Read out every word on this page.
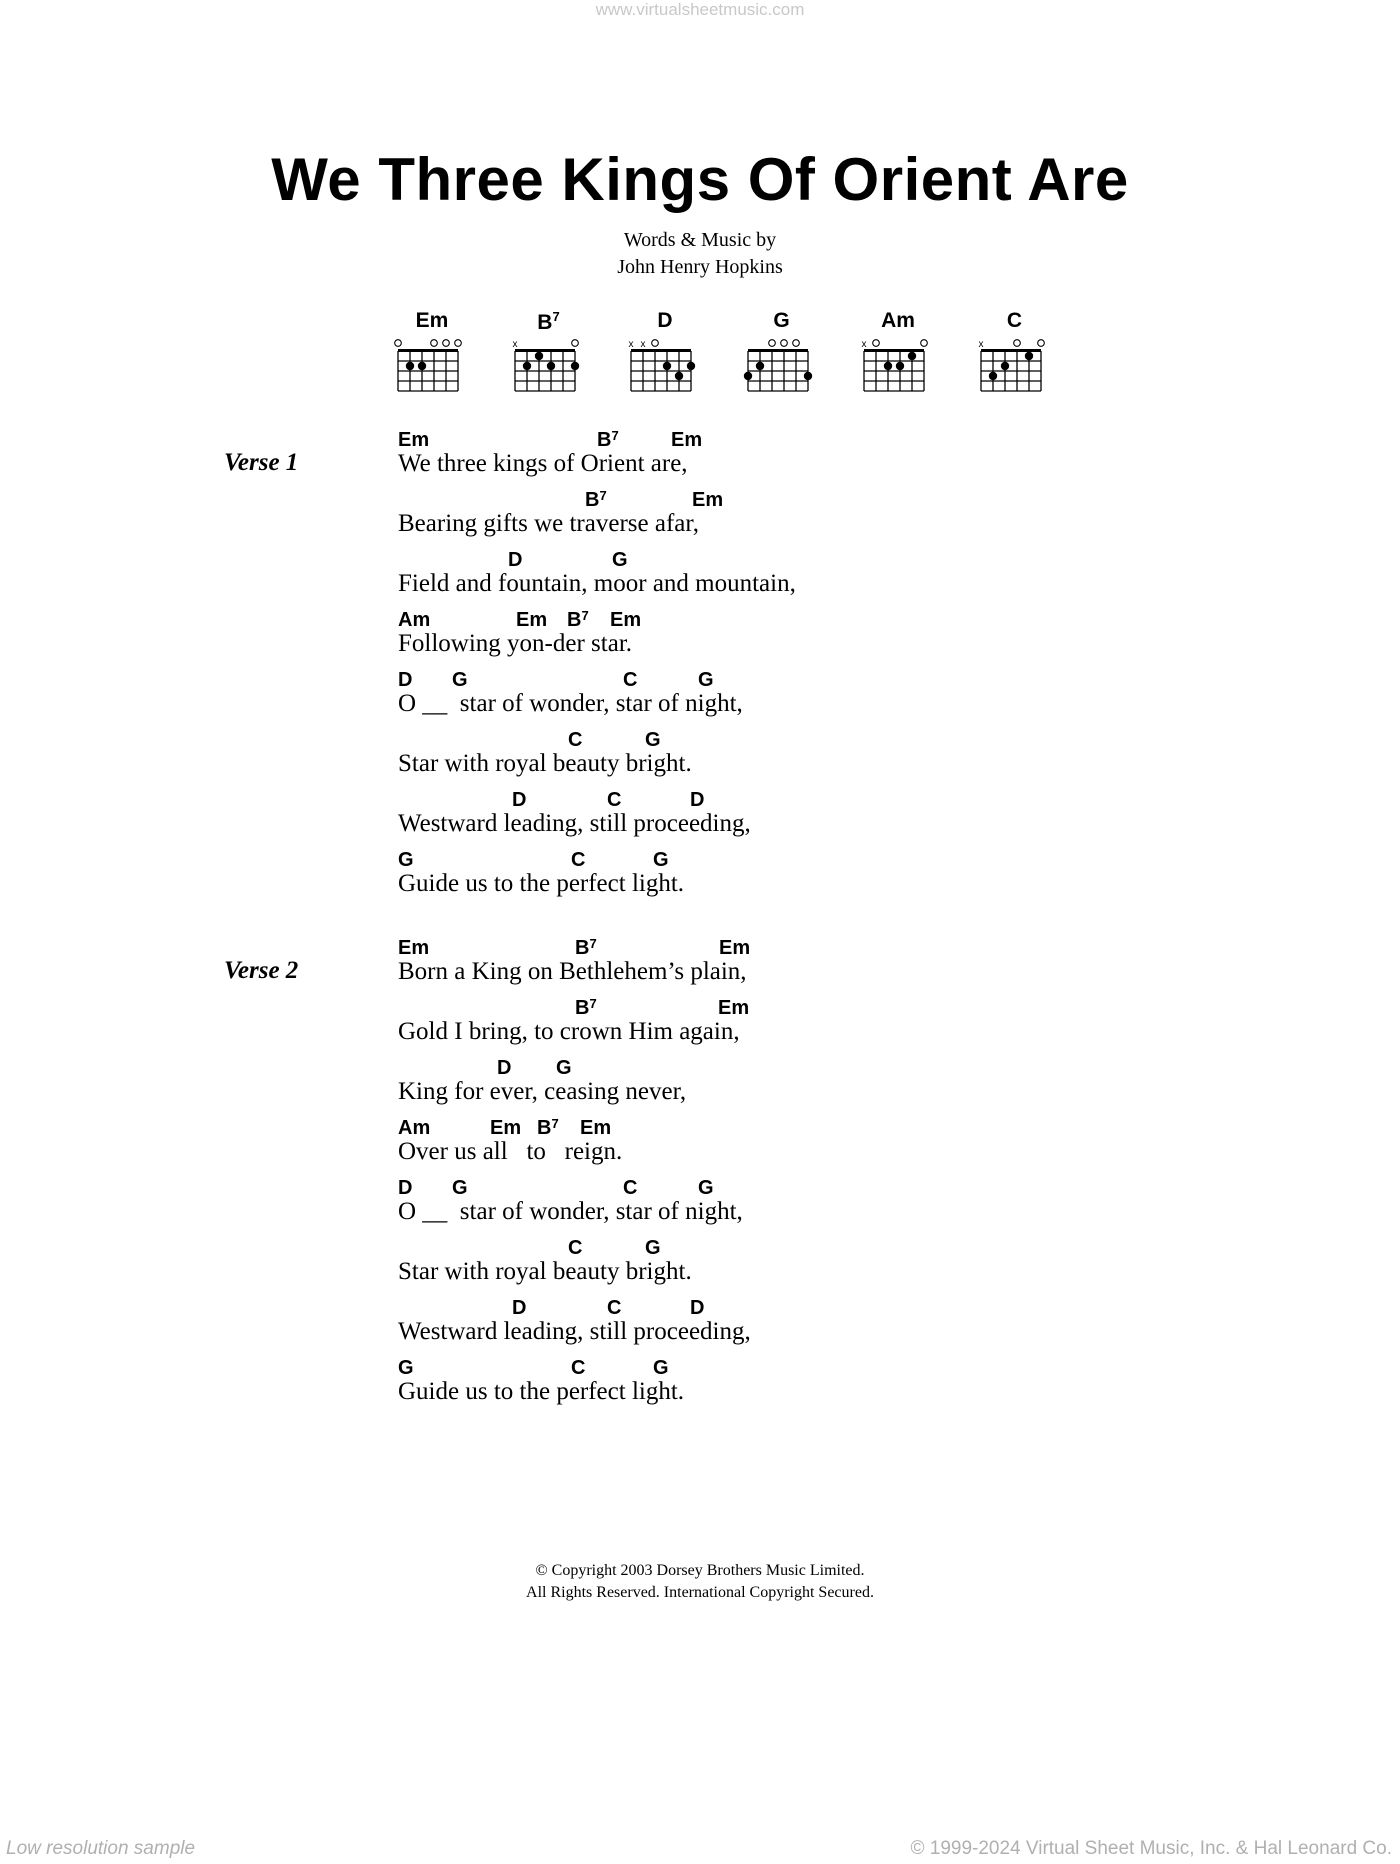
www.virtualsheetmusic.com
We Three Kings Of Orient Are
Words & Music by
John Henry Hopkins
Em	$B^7$
x
D
x x
G	Am
x
C
x
Verse 1
Em	$B^7$	Em
We three kings of Orient are,
$B^7$	Em
Bearing gifts we traverse afar,
D	G
Field and fountain, moor and mountain,
Am	Em $B^7$ Em
Following yon-der star.
D G	C	G
O __  star of wonder, star of night,
C	G
Star with royal beauty bright.
D	C	D
Westward leading, still proceeding,
G	C	G
Guide us to the perfect light.
Verse 2
Em	$B^7$	Em
Born a King on Bethlehem’s plain,
$B^7$	Em
Gold I bring, to crown Him again,
D G
King for ever, ceasing never,
Am	Em $B^7$ Em
Over us all   to   reign.
D G	C	G
O __  star of wonder, star of night,
C	G
Star with royal beauty bright.
D	C	D
Westward leading, still proceeding,
G	C	G
Guide us to the perfect light.
© Copyright 2003 Dorsey Brothers Music Limited.
All Rights Reserved. International Copyright Secured.
Low resolution sample	© 1999-2024 Virtual Sheet Music, Inc. & Hal Leonard Co.
